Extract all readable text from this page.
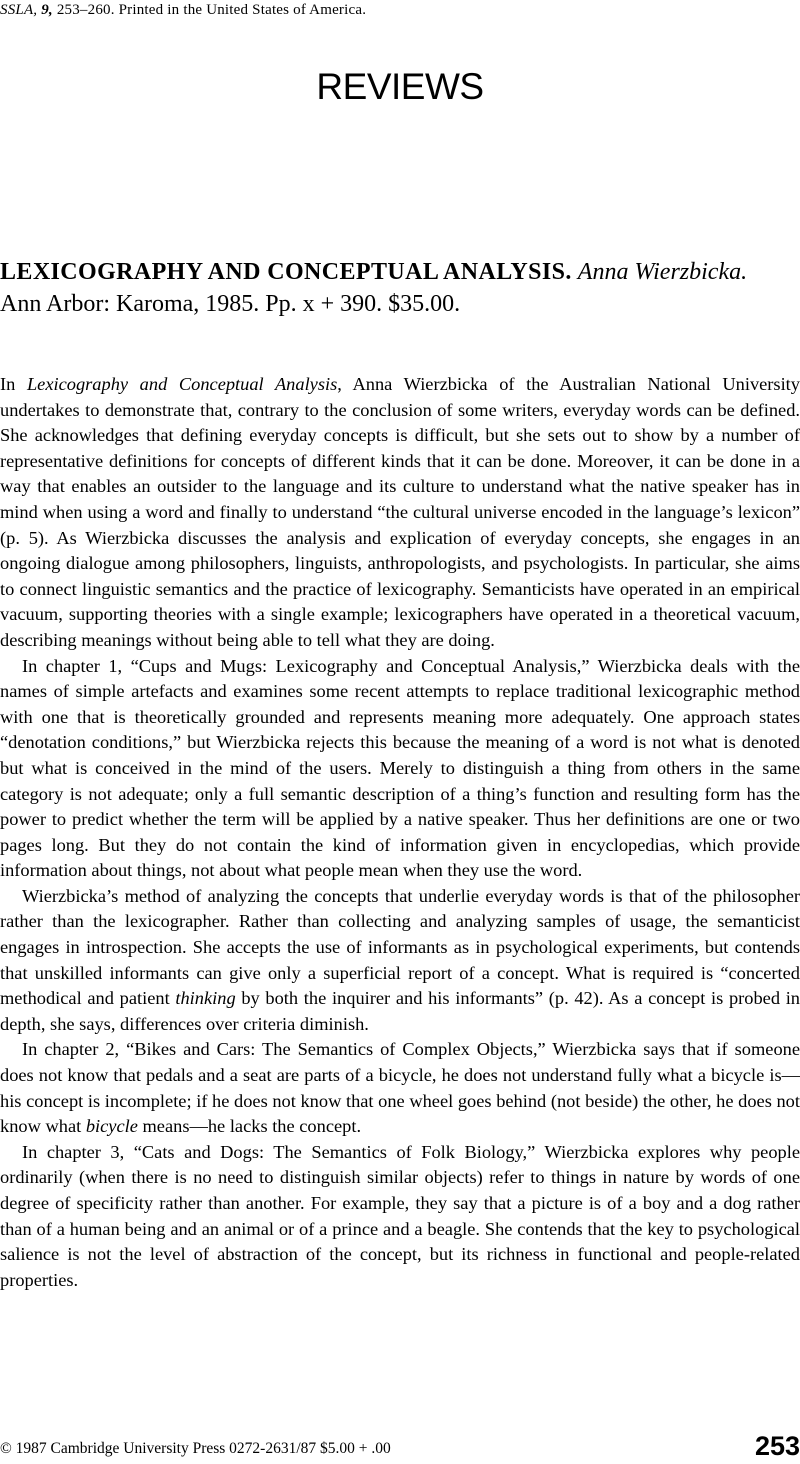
SSLA, 9, 253–260. Printed in the United States of America.
REVIEWS
LEXICOGRAPHY AND CONCEPTUAL ANALYSIS. Anna Wierzbicka.
Ann Arbor: Karoma, 1985. Pp. x + 390. $35.00.

In Lexicography and Conceptual Analysis, Anna Wierzbicka of the Australian National University undertakes to demonstrate that, contrary to the conclusion of some writers, everyday words can be defined. She acknowledges that defining everyday concepts is difficult, but she sets out to show by a number of representative definitions for concepts of different kinds that it can be done. Moreover, it can be done in a way that enables an outsider to the language and its culture to understand what the native speaker has in mind when using a word and finally to understand “the cultural universe encoded in the language’s lexicon” (p. 5). As Wierzbicka discusses the analysis and explication of everyday concepts, she engages in an ongoing dialogue among philosophers, linguists, anthropologists, and psychologists. In particular, she aims to connect linguistic semantics and the practice of lexicography. Semanticists have operated in an empirical vacuum, supporting theories with a single example; lexicographers have operated in a theoretical vacuum, describing meanings without being able to tell what they are doing.

In chapter 1, “Cups and Mugs: Lexicography and Conceptual Analysis,” Wierzbicka deals with the names of simple artefacts and examines some recent attempts to replace traditional lexicographic method with one that is theoretically grounded and represents meaning more adequately. One approach states “denotation conditions,” but Wierzbicka rejects this because the meaning of a word is not what is denoted but what is conceived in the mind of the users. Merely to distinguish a thing from others in the same category is not adequate; only a full semantic description of a thing’s function and resulting form has the power to predict whether the term will be applied by a native speaker. Thus her definitions are one or two pages long. But they do not contain the kind of information given in encyclopedias, which provide information about things, not about what people mean when they use the word.

Wierzbicka’s method of analyzing the concepts that underlie everyday words is that of the philosopher rather than the lexicographer. Rather than collecting and analyzing samples of usage, the semanticist engages in introspection. She accepts the use of informants as in psychological experiments, but contends that unskilled informants can give only a superficial report of a concept. What is required is “concerted methodical and patient thinking by both the inquirer and his informants” (p. 42). As a concept is probed in depth, she says, differences over criteria diminish.

In chapter 2, “Bikes and Cars: The Semantics of Complex Objects,” Wierzbicka says that if someone does not know that pedals and a seat are parts of a bicycle, he does not understand fully what a bicycle is—his concept is incomplete; if he does not know that one wheel goes behind (not beside) the other, he does not know what bicycle means—he lacks the concept.

In chapter 3, “Cats and Dogs: The Semantics of Folk Biology,” Wierzbicka explores why people ordinarily (when there is no need to distinguish similar objects) refer to things in nature by words of one degree of specificity rather than another. For example, they say that a picture is of a boy and a dog rather than of a human being and an animal or of a prince and a beagle. She contends that the key to psychological salience is not the level of abstraction of the concept, but its richness in functional and people-related properties.

© 1987 Cambridge University Press 0272-2631/87 $5.00 + .00	253
